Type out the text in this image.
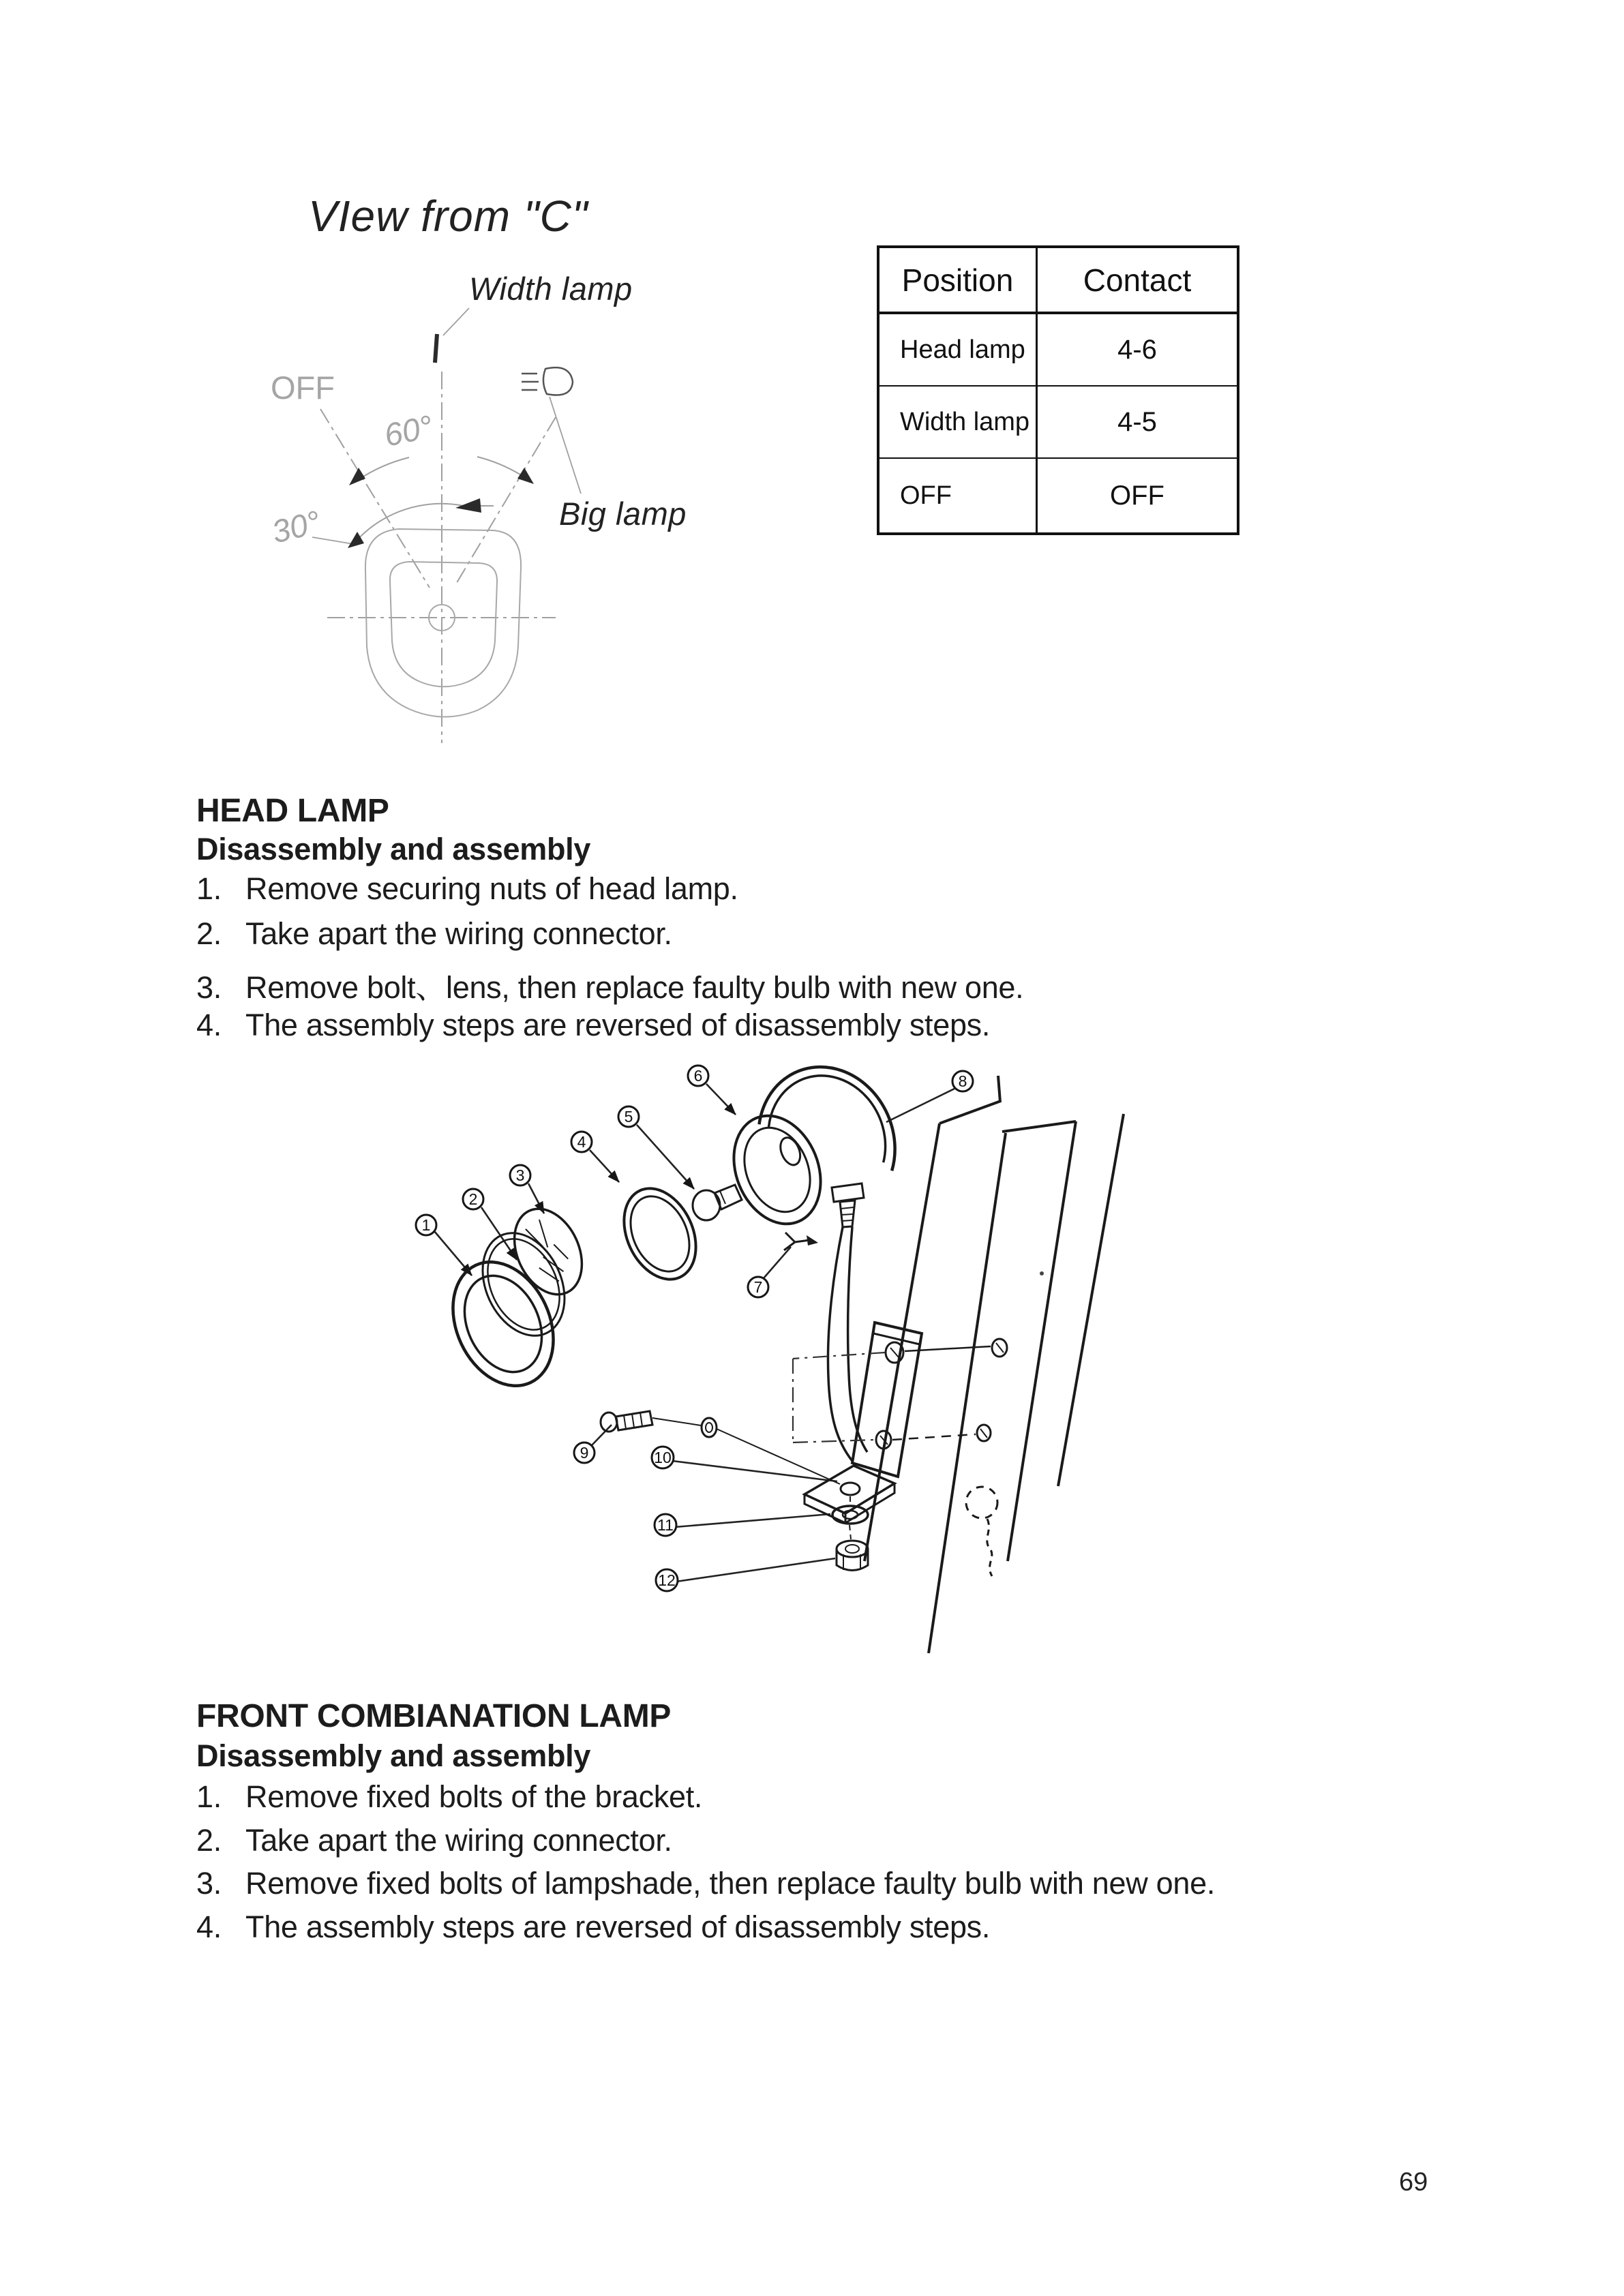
VIew from "C"
Width lamp
Big lamp
OFF
60°
30°
Position	Contact
Head lamp	4-6
Width lamp	4-5
OFF	OFF
HEAD LAMP
Disassembly and assembly
1. Remove securing nuts of head lamp.
2. Take apart the wiring connector.
3. Remove bolt、lens, then replace faulty bulb with new one.
4. The assembly steps are reversed of disassembly steps.
1
2
3
4
5
6
7
8
9	10
11
12
FRONT COMBIANATION LAMP
Disassembly and assembly
1. Remove fixed bolts of the bracket.
2. Take apart the wiring connector.
3. Remove fixed bolts of lampshade, then replace faulty bulb with new one.
4. The assembly steps are reversed of disassembly steps.
69
